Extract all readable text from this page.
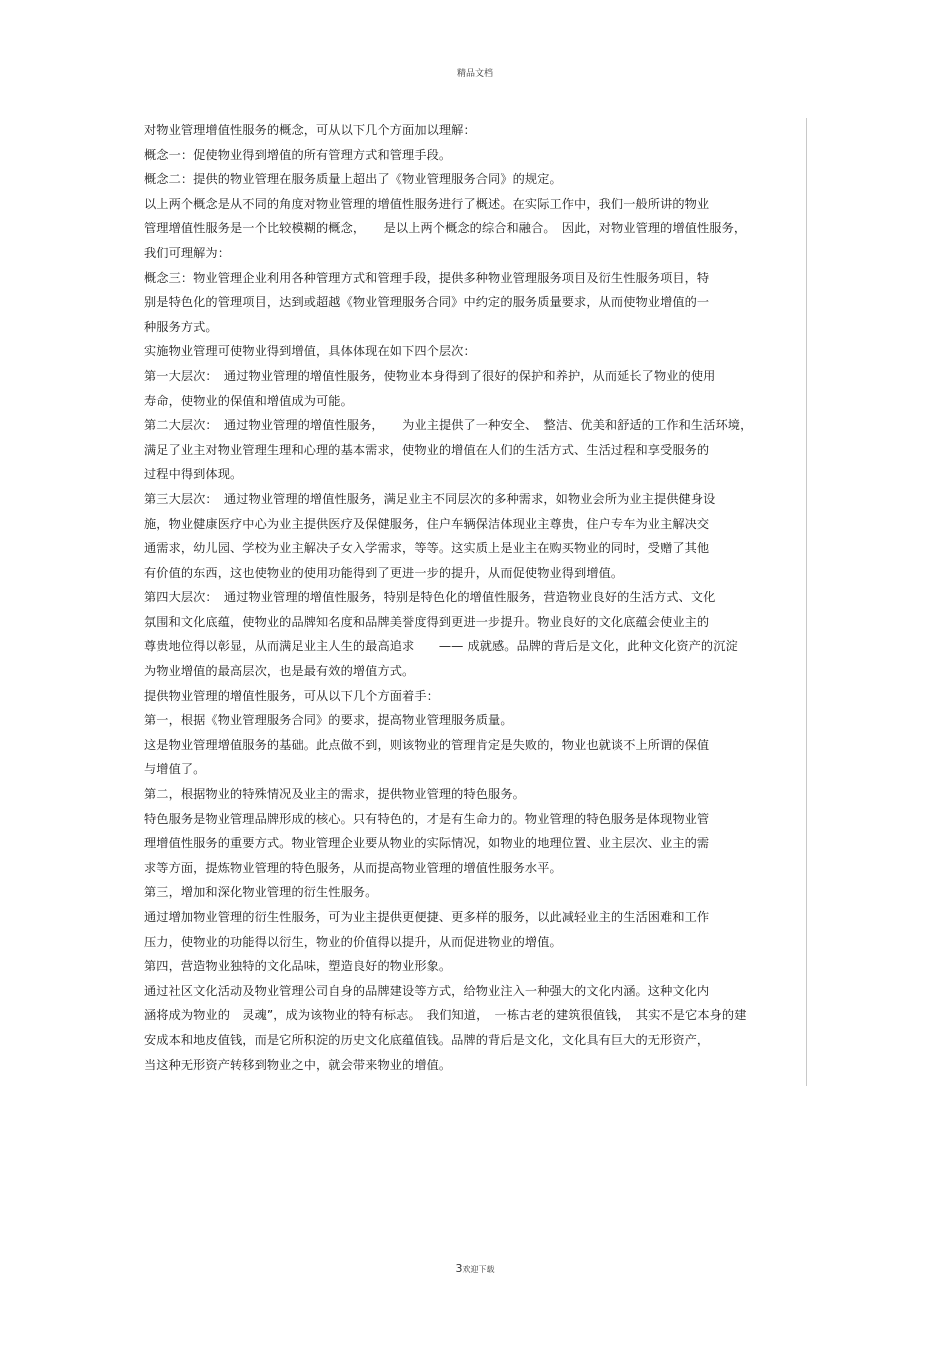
精品文档
对物业管理增值性服务的概念，可从以下几个方面加以理解：
概念一：促使物业得到增值的所有管理方式和管理手段。
概念二：提供的物业管理在服务质量上超出了《物业管理服务合同》的规定。
以上两个概念是从不同的角度对物业管理的增值性服务进行了概述。在实际工作中，我们一般所讲的物业
管理增值性服务是一个比较模糊的概念，　　是以上两个概念的综合和融合。　因此，对物业管理的增值性服务，
我们可理解为：
概念三：物业管理企业利用各种管理方式和管理手段，提供多种物业管理服务项目及衍生性服务项目，特
别是特色化的管理项目，达到或超越《物业管理服务合同》中约定的服务质量要求，从而使物业增值的一
种服务方式。
实施物业管理可使物业得到增值，具体体现在如下四个层次：
第一大层次：　通过物业管理的增值性服务，使物业本身得到了很好的保护和养护，从而延长了物业的使用
寿命，使物业的保值和增值成为可能。
第二大层次：　通过物业管理的增值性服务，　　为业主提供了一种安全、　整洁、优美和舒适的工作和生活环境，
满足了业主对物业管理生理和心理的基本需求，使物业的增值在人们的生活方式、生活过程和享受服务的
过程中得到体现。
第三大层次：　通过物业管理的增值性服务，满足业主不同层次的多种需求，如物业会所为业主提供健身设
施，物业健康医疗中心为业主提供医疗及保健服务，住户车辆保洁体现业主尊贵，住户专车为业主解决交
通需求，幼儿园、学校为业主解决子女入学需求，等等。这实质上是业主在购买物业的同时，受赠了其他
有价值的东西，这也使物业的使用功能得到了更进一步的提升，从而促使物业得到增值。
第四大层次：　通过物业管理的增值性服务，特别是特色化的增值性服务，营造物业良好的生活方式、文化
氛围和文化底蕴，使物业的品牌知名度和品牌美誉度得到更进一步提升。物业良好的文化底蕴会使业主的
尊贵地位得以彰显，从而满足业主人生的最高追求　　—— 成就感。品牌的背后是文化，此种文化资产的沉淀
为物业增值的最高层次，也是最有效的增值方式。
提供物业管理的增值性服务，可从以下几个方面着手：
第一，根据《物业管理服务合同》的要求，提高物业管理服务质量。
这是物业管理增值服务的基础。此点做不到，则该物业的管理肯定是失败的，物业也就谈不上所谓的保值
与增值了。
第二，根据物业的特殊情况及业主的需求，提供物业管理的特色服务。
特色服务是物业管理品牌形成的核心。只有特色的，才是有生命力的。物业管理的特色服务是体现物业管
理增值性服务的重要方式。物业管理企业要从物业的实际情况，如物业的地理位置、业主层次、业主的需
求等方面，提炼物业管理的特色服务，从而提高物业管理的增值性服务水平。
第三，增加和深化物业管理的衍生性服务。
通过增加物业管理的衍生性服务，可为业主提供更便捷、更多样的服务，以此减轻业主的生活困难和工作
压力，使物业的功能得以衍生，物业的价值得以提升，从而促进物业的增值。
第四，营造物业独特的文化品味，塑造良好的物业形象。
通过社区文化活动及物业管理公司自身的品牌建设等方式，给物业注入一种强大的文化内涵。这种文化内
涵将成为物业的　灵魂”，成为该物业的特有标志。　我们知道，　一栋古老的建筑很值钱，　其实不是它本身的建
安成本和地皮值钱，而是它所积淀的历史文化底蕴值钱。品牌的背后是文化，文化具有巨大的无形资产，
当这种无形资产转移到物业之中，就会带来物业的增值。
3欢迎下载
